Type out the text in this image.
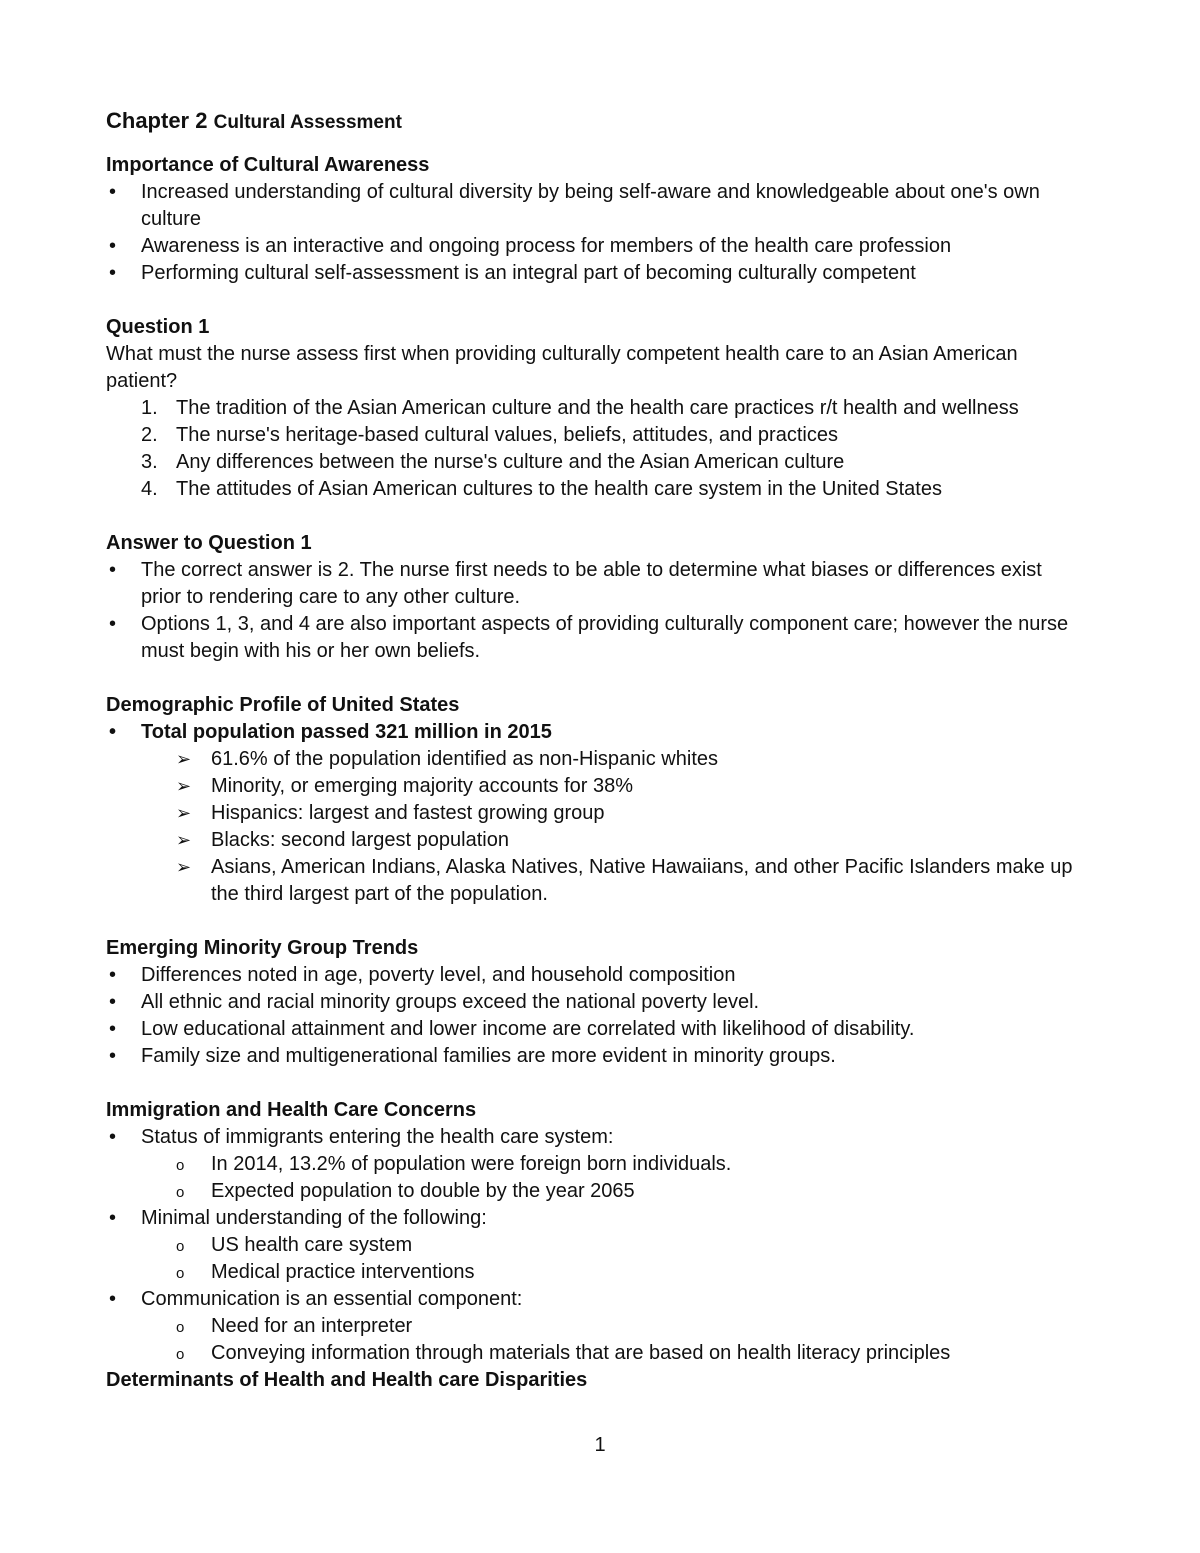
Chapter 2 Cultural Assessment
Importance of Cultural Awareness
• Increased understanding of cultural diversity by being self-aware and knowledgeable about one's own culture
• Awareness is an interactive and ongoing process for members of the health care profession
• Performing cultural self-assessment is an integral part of becoming culturally competent
Question 1

What must the nurse assess first when providing culturally competent health care to an Asian American patient?

1. The tradition of the Asian American culture and the health care practices r/t health and wellness
2. The nurse's heritage-based cultural values, beliefs, attitudes, and practices
3. Any differences between the nurse's culture and the Asian American culture
4. The attitudes of Asian American cultures to the health care system in the United States
Answer to Question 1
• The correct answer is 2. The nurse first needs to be able to determine what biases or differences exist prior to rendering care to any other culture.
• Options 1, 3, and 4 are also important aspects of providing culturally component care; however the nurse must begin with his or her own beliefs.
Demographic Profile of United States
• Total population passed 321 million in 2015
➢ 61.6% of the population identified as non-Hispanic whites
➢ Minority, or emerging majority accounts for 38%
➢ Hispanics: largest and fastest growing group
➢ Blacks: second largest population
➢ Asians, American Indians, Alaska Natives, Native Hawaiians, and other Pacific Islanders make up the third largest part of the population.
Emerging Minority Group Trends
• Differences noted in age, poverty level, and household composition
• All ethnic and racial minority groups exceed the national poverty level.
• Low educational attainment and lower income are correlated with likelihood of disability.
• Family size and multigenerational families are more evident in minority groups.
Immigration and Health Care Concerns
• Status of immigrants entering the health care system:
o In 2014, 13.2% of population were foreign born individuals.
o Expected population to double by the year 2065
• Minimal understanding of the following:
o US health care system
o Medical practice interventions
• Communication is an essential component:
o Need for an interpreter
o Conveying information through materials that are based on health literacy principles
Determinants of Health and Health care Disparities
1
